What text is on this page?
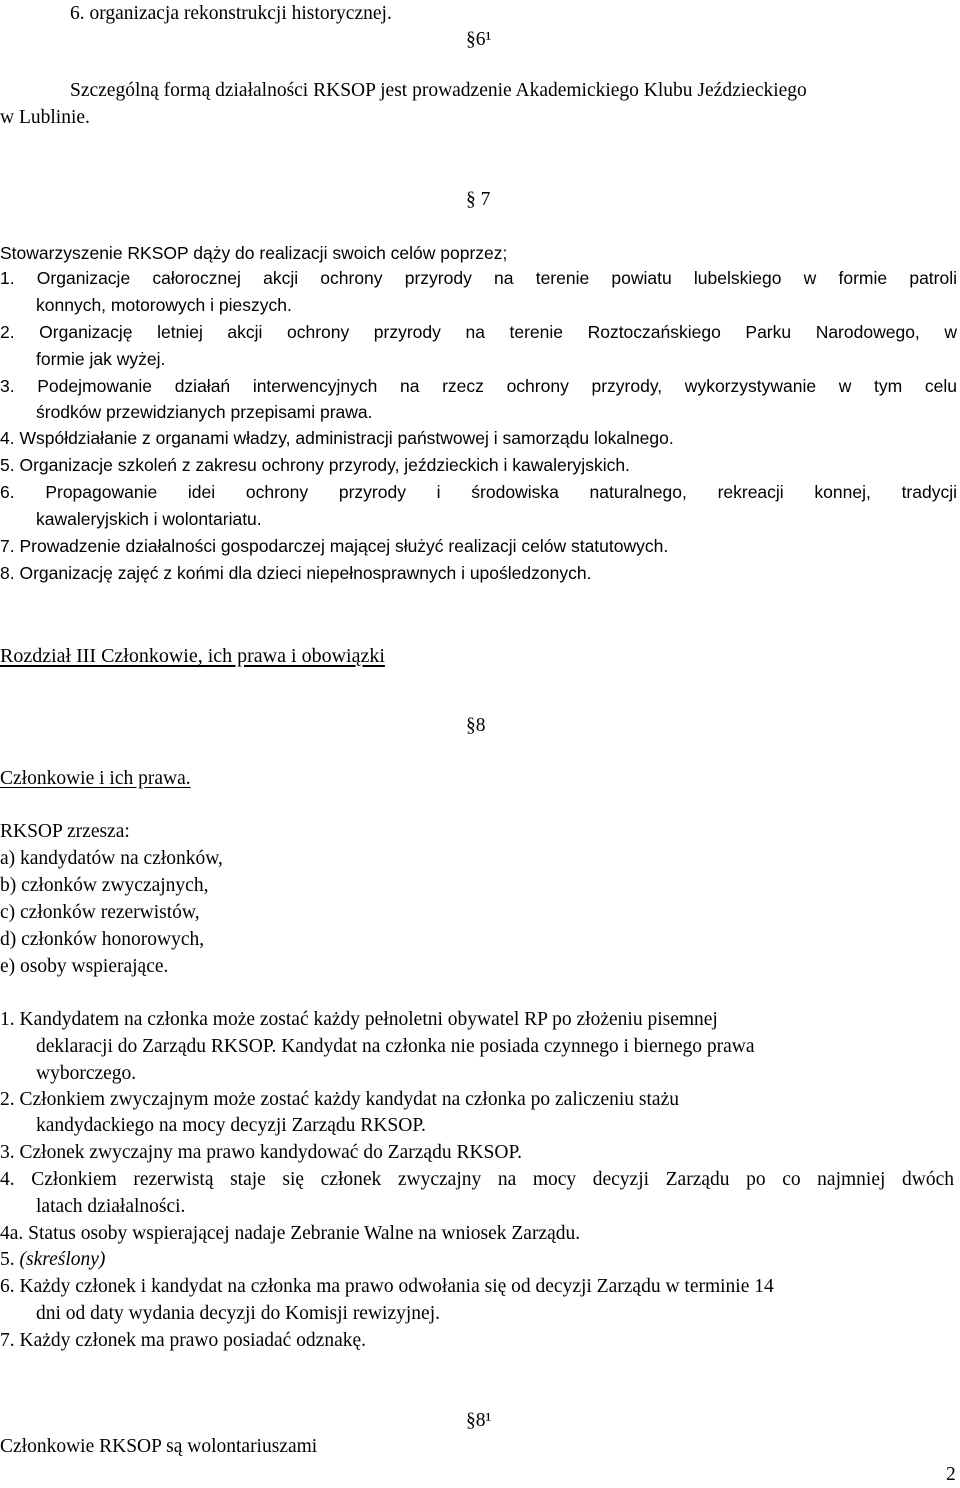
6. organizacja rekonstrukcji historycznej.
§6¹
Szczególną formą działalności RKSOP jest prowadzenie Akademickiego Klubu Jeździeckiego
w Lublinie.
§ 7
Stowarzyszenie RKSOP dąży do realizacji swoich celów poprzez;
1. Organizacje całorocznej akcji ochrony przyrody na terenie powiatu lubelskiego w formie patroli
konnych, motorowych i pieszych.
2. Organizację letniej akcji ochrony przyrody na terenie Roztoczańskiego Parku Narodowego, w
formie jak wyżej.
3. Podejmowanie działań interwencyjnych na rzecz ochrony przyrody, wykorzystywanie w tym celu
środków przewidzianych przepisami prawa.
4. Współdziałanie z organami władzy, administracji państwowej i samorządu lokalnego.
5. Organizacje szkoleń z zakresu ochrony przyrody, jeździeckich i kawaleryjskich.
6. Propagowanie idei ochrony przyrody i środowiska naturalnego, rekreacji konnej, tradycji
kawaleryjskich i wolontariatu.
7. Prowadzenie działalności gospodarczej mającej służyć realizacji celów statutowych.
8. Organizację zajęć z końmi dla dzieci niepełnosprawnych i upośledzonych.
Rozdział III Członkowie, ich prawa i obowiązki
§8
Członkowie i ich prawa.
RKSOP zrzesza:
a) kandydatów na członków,
b) członków zwyczajnych,
c) członków rezerwistów,
d) członków honorowych,
e) osoby wspierające.
1. Kandydatem na członka może zostać każdy pełnoletni obywatel RP po złożeniu pisemnej
deklaracji do Zarządu RKSOP. Kandydat na członka nie posiada czynnego i biernego prawa
wyborczego.
2. Członkiem zwyczajnym może zostać każdy kandydat na członka po zaliczeniu stażu
kandydackiego na mocy decyzji Zarządu RKSOP.
3. Członek zwyczajny ma prawo kandydować do Zarządu RKSOP.
4. Członkiem rezerwistą staje się członek zwyczajny na mocy decyzji Zarządu po co najmniej dwóch
latach działalności.
4a. Status osoby wspierającej nadaje Zebranie Walne na wniosek Zarządu.
5. (skreślony)
6. Każdy członek i kandydat na członka ma prawo odwołania się od decyzji Zarządu w terminie 14
dni od daty wydania decyzji do Komisji rewizyjnej.
7. Każdy członek ma prawo posiadać odznakę.
§8¹
Członkowie RKSOP są wolontariuszami
2
